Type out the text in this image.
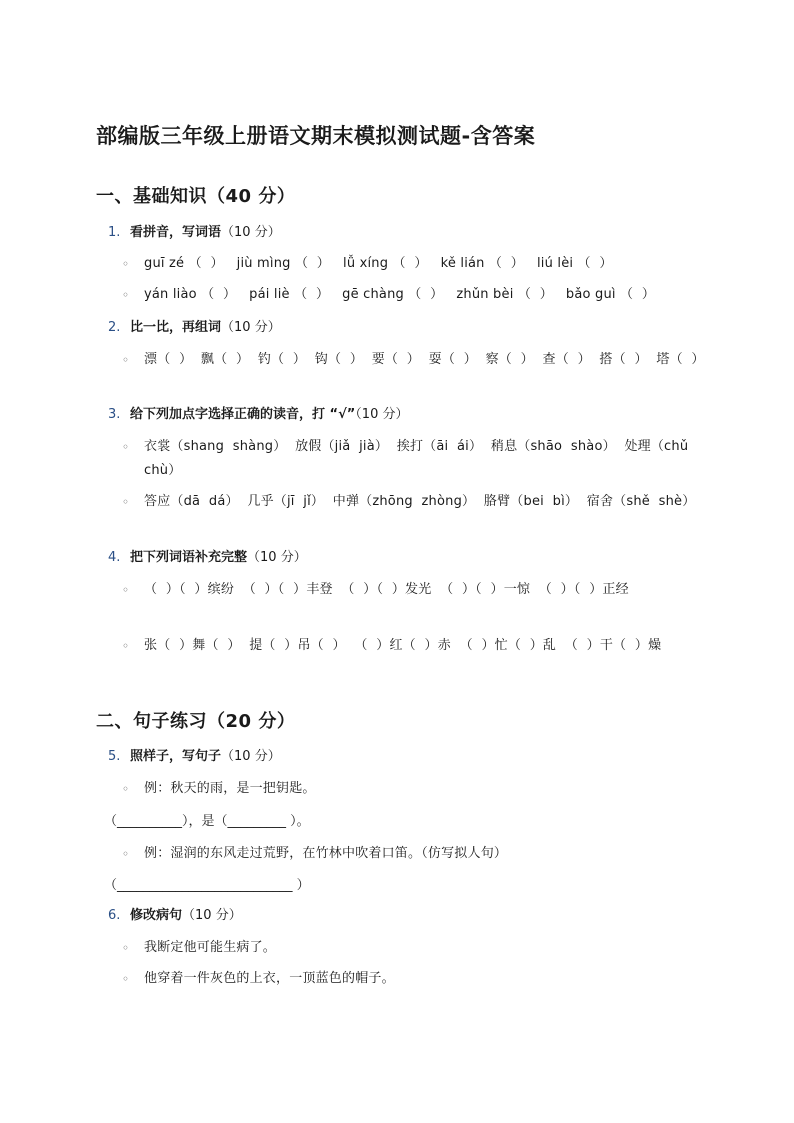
部编版三年级上册语文期末模拟测试题-含答案
一、基础知识（40 分）
1. 看拼音，写词语（10 分）
◦	guī zé （  ）   jiù mìng （  ）   lǚ xíng （  ）   kě lián （  ）   liú lèi （  ）
◦	yán liào （  ）   pái liè （  ）   gē chàng （  ）   zhǔn bèi （  ）   bǎo guì （  ）
2. 比一比，再组词（10 分）
◦	漂（  ）  飘（  ）  钓（  ）  钩（  ）  要（  ）  耍（  ）  察（  ）  查（  ）  搭（  ）  塔（  ）
3. 给下列加点字选择正确的读音，打 “√”（10 分）
◦	衣裳（shang  shàng）  放假（jiǎ  jià）  挨打（āi  ái）  稍息（shāo  shào）  处理（chǔ  chù）
◦	答应（dā  dá）  几乎（jī  jǐ）  中弹（zhōng  zhòng）  胳臂（bei  bì）  宿舍（shě  shè）
4. 把下列词语补充完整（10 分）
◦	（  ）（  ）缤纷  （  ）（  ）丰登  （  ）（  ）发光  （  ）（  ）一惊  （  ）（  ）正经
◦	张（  ）舞（  ）  提（  ）吊（  ）  （  ）红（  ）赤  （  ）忙（  ）乱  （  ）干（  ）燥
二、句子练习（20 分）
5. 照样子，写句子（10 分）
◦	例：秋天的雨，是一把钥匙。
（__________），是（_________ ）。
◦	例：湿润的东风走过荒野，在竹林中吹着口笛。（仿写拟人句）
（___________________________ ）
6. 修改病句（10 分）
◦	我断定他可能生病了。
◦	他穿着一件灰色的上衣，一顶蓝色的帽子。
